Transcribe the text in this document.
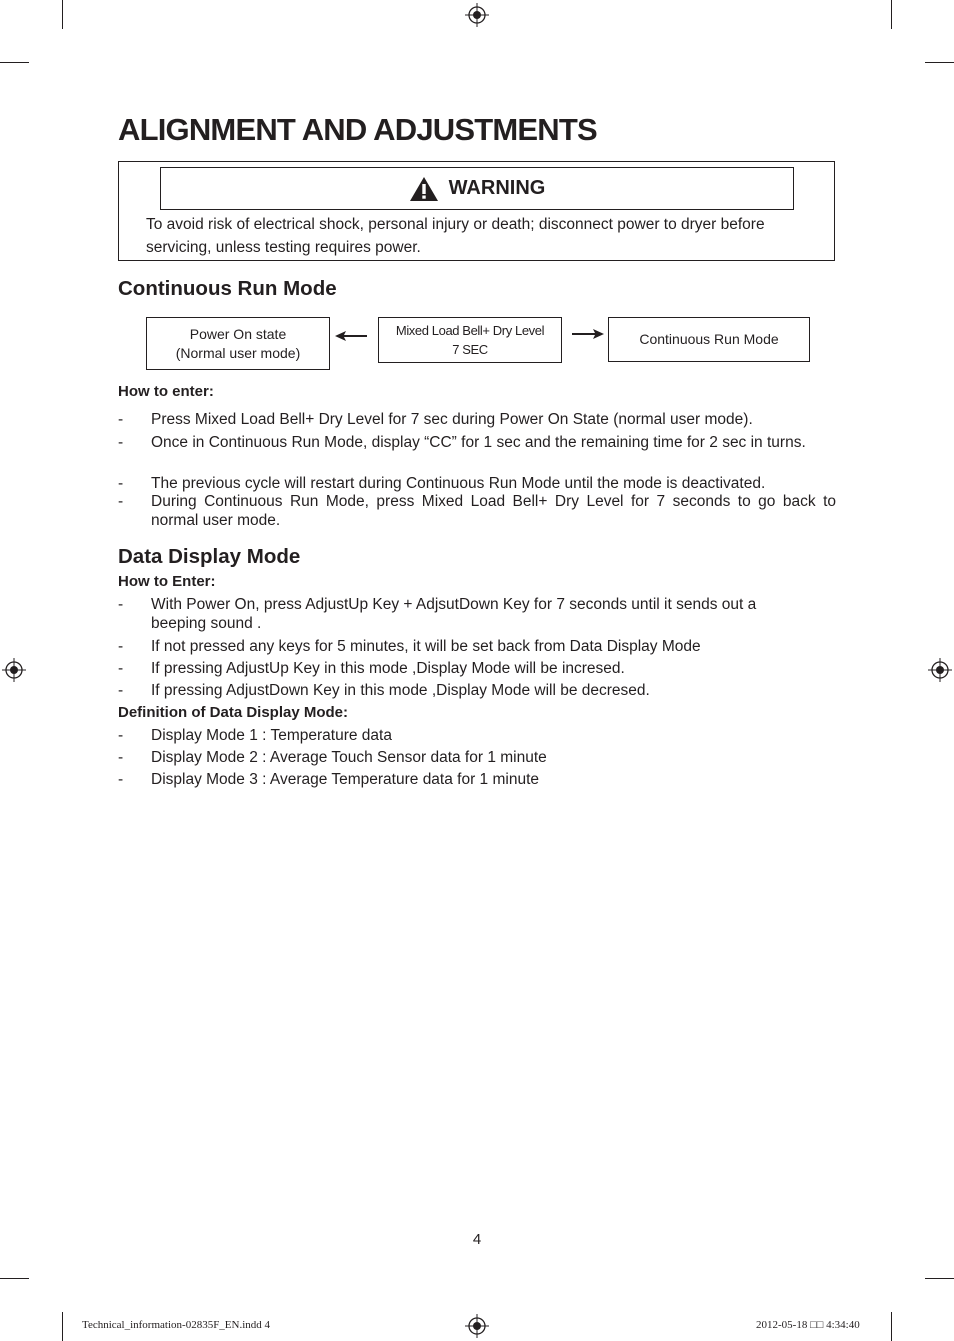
ALIGNMENT AND ADJUSTMENTS
WARNING
To avoid risk of electrical shock, personal injury or death; disconnect power to dryer before servicing, unless testing requires power.
Continuous Run Mode
Power On state
(Normal user mode)
Mixed Load Bell+ Dry Level
7 SEC
Continuous Run Mode
How to enter:
-	Press Mixed Load Bell+ Dry Level for 7 sec during Power On State (normal user mode).
-	Once in Continuous Run Mode, display “CC” for 1 sec and the remaining time for 2 sec in turns.
-	The previous cycle will restart during Continuous Run Mode until the mode is deactivated.
-	During Continuous Run Mode, press Mixed Load Bell+ Dry Level for 7 seconds to go back to normal user mode.
Data Display Mode
How to Enter:
-	With Power On, press AdjustUp Key + AdjsutDown Key for 7 seconds until it sends out a beeping sound .
-	If not pressed any keys for 5 minutes, it will be set back from Data Display Mode
-	If pressing AdjustUp Key in this mode ,Display Mode will be incresed.
-	If pressing AdjustDown Key in this mode ,Display Mode will be decresed.
Definition of Data Display Mode:
-	Display Mode 1 : Temperature data
-	Display Mode 2 : Average Touch Sensor data for 1 minute
-	Display Mode 3 : Average Temperature data for 1 minute
4
Technical_information-02835F_EN.indd 4	2012-05-18 □□ 4:34:40
